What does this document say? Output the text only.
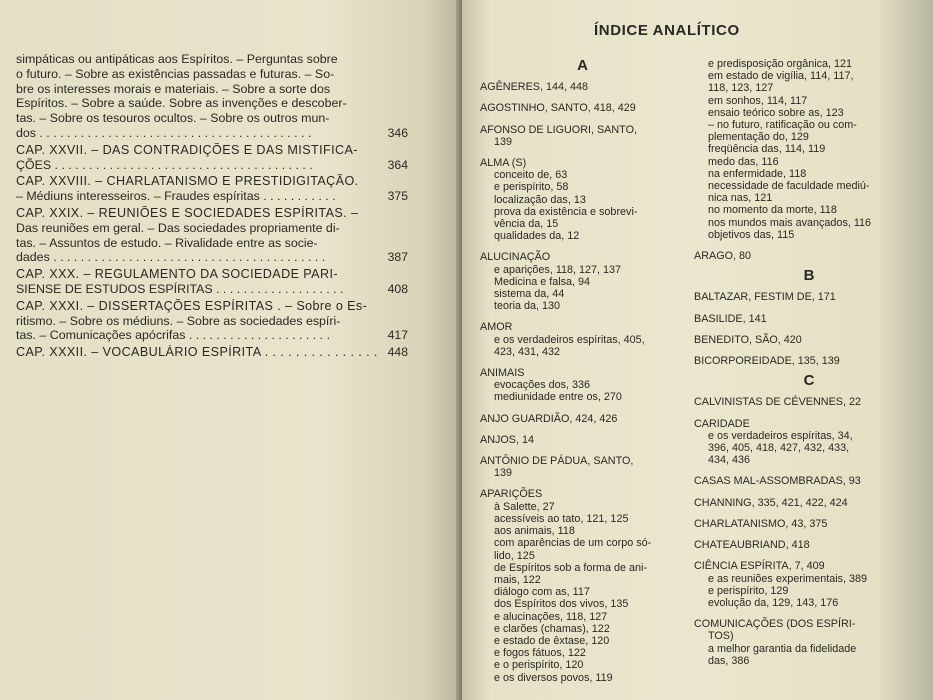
simpáticas ou antipáticas aos Espíritos. – Perguntas sobre
o futuro. – Sobre as existências passadas e futuras. – So-
bre os interesses morais e materiais. – Sobre a sorte dos
Espíritos. – Sobre a saúde. Sobre as invenções e descober-
tas. – Sobre os tesouros ocultos. – Sobre os outros mun-
dos . . . . . . . . . . . . . . . . . . . . . . . . . . . . . . . . . . . . . . . .	346
CAP. XXVII. – DAS CONTRADIÇÕES E DAS MISTIFICA-
ÇÕES . . . . . . . . . . . . . . . . . . . . . . . . . . . . . . . . . . . . . .	364
CAP. XXVIII. – CHARLATANISMO E PRESTIDIGITAÇÃO.
– Médiuns interesseiros. – Fraudes espíritas . . . . . . . . . . .	375
CAP. XXIX. – REUNIÕES E SOCIEDADES ESPÍRITAS. –
Das reuniões em geral. – Das sociedades propriamente di-
tas. – Assuntos de estudo. – Rivalidade entre as socie-
dades . . . . . . . . . . . . . . . . . . . . . . . . . . . . . . . . . . . . . . . .	387
CAP. XXX. – REGULAMENTO DA SOCIEDADE PARI-
SIENSE DE ESTUDOS ESPÍRITAS . . . . . . . . . . . . . . . . . . .	408
CAP. XXXI. – DISSERTAÇÕES ESPÍRITAS . – Sobre o Es-
ritismo. – Sobre os médiuns. – Sobre as sociedades espíri-
tas. – Comunicações apócrifas . . . . . . . . . . . . . . . . . . . . .	417
CAP. XXXII. – VOCABULÁRIO ESPÍRITA . . . . . . . . . . . . . . . 448
ÍNDICE ANALÍTICO
A
AGÊNERES, 144, 448
AGOSTINHO, SANTO, 418, 429
AFONSO DE LIGUORI, SANTO,
139
ALMA (S)
conceito de, 63
e perispírito, 58
localização das, 13
prova da existência e sobrevi-
vência da, 15
qualidades da, 12
ALUCINAÇÃO
e aparições, 118, 127, 137
Medicina e falsa, 94
sistema da, 44
teoria da, 130
AMOR
e os verdadeiros espíritas, 405,
423, 431, 432
ANIMAIS
evocações dos, 336
mediunidade entre os, 270
ANJO GUARDIÃO, 424, 426
ANJOS, 14
ANTÔNIO DE PÁDUA, SANTO,
139
APARIÇÕES
à Salette, 27
acessíveis ao tato, 121, 125
aos animais, 118
com aparências de um corpo só-
lido, 125
de Espíritos sob a forma de ani-
mais, 122
diálogo com as, 117
dos Espíritos dos vivos, 135
e alucinações, 118, 127
e clarões (chamas), 122
e estado de êxtase, 120
e fogos fátuos, 122
e o perispírito, 120
e os diversos povos, 119
e predisposição orgânica, 121
em estado de vigília, 114, 117,
118, 123, 127
em sonhos, 114, 117
ensaio teórico sobre as, 123
– no futuro, ratificação ou com-
plementação do, 129
freqüência das, 114, 119
medo das, 116
na enfermidade, 118
necessidade de faculdade mediú-
nica nas, 121
no momento da morte, 118
nos mundos mais avançados, 116
objetivos das, 115
ARAGO, 80
B
BALTAZAR, FESTIM DE, 171
BASILIDE, 141
BENEDITO, SÃO, 420
BICORPOREIDADE, 135, 139
C
CALVINISTAS DE CÉVENNES, 22
CARIDADE
e os verdadeiros espíritas, 34,
396, 405, 418, 427, 432, 433,
434, 436
CASAS MAL-ASSOMBRADAS, 93
CHANNING, 335, 421, 422, 424
CHARLATANISMO, 43, 375
CHATEAUBRIAND, 418
CIÊNCIA ESPÍRITA, 7, 409
e as reuniões experimentais, 389
e perispírito, 129
evolução da, 129, 143, 176
COMUNICAÇÕES (DOS ESPÍRI-
TOS)
a melhor garantia da fidelidade
das, 386
